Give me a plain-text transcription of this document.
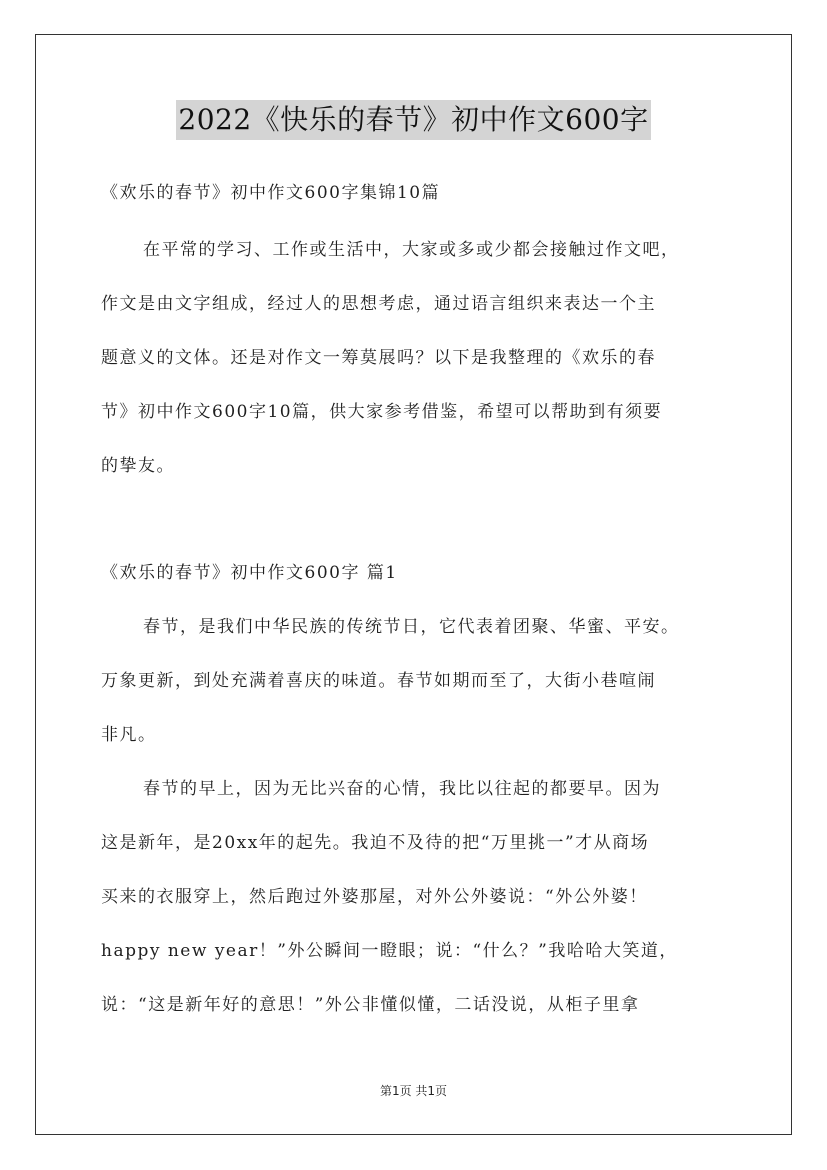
2022《快乐的春节》初中作文600字
《欢乐的春节》初中作文600字集锦10篇
在平常的学习、工作或生活中，大家或多或少都会接触过作文吧，
作文是由文字组成，经过人的思想考虑，通过语言组织来表达一个主
题意义的文体。还是对作文一筹莫展吗？以下是我整理的《欢乐的春
节》初中作文600字10篇，供大家参考借鉴，希望可以帮助到有须要
的挚友。
《欢乐的春节》初中作文600字 篇1
春节，是我们中华民族的传统节日，它代表着团聚、华蜜、平安。
万象更新，到处充满着喜庆的味道。春节如期而至了，大街小巷喧闹
非凡。
春节的早上，因为无比兴奋的心情，我比以往起的都要早。因为
这是新年，是20xx年的起先。我迫不及待的把“万里挑一”才从商场
买来的衣服穿上，然后跑过外婆那屋，对外公外婆说：“外公外婆！
happy new year！”外公瞬间一瞪眼；说：“什么？”我哈哈大笑道，
说：“这是新年好的意思！”外公非懂似懂，二话没说，从柜子里拿
第1页 共1页
